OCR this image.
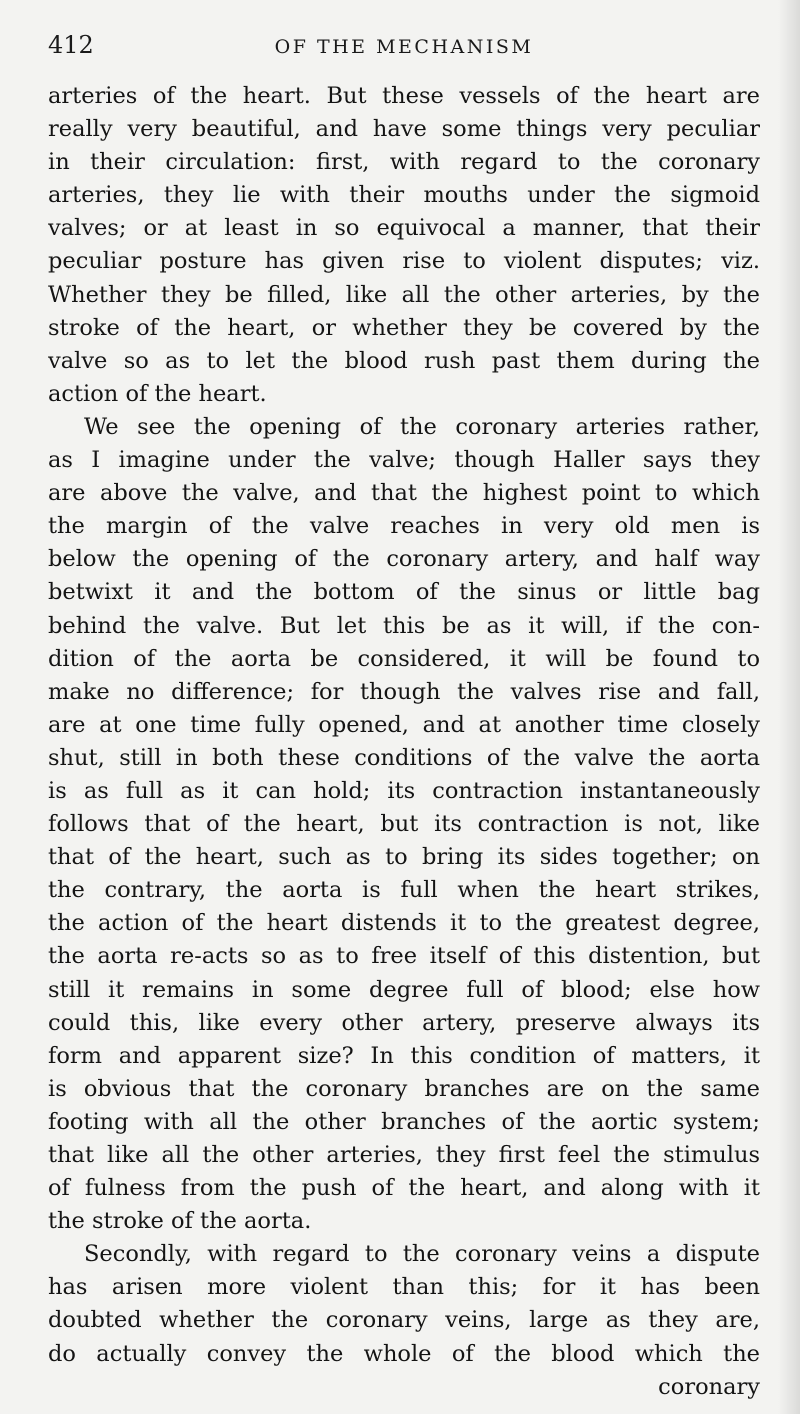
412	OF THE MECHANISM
arteries of the heart. But these vessels of the heart are
really very beautiful, and have some things very peculiar
in their circulation: first, with regard to the coronary
arteries, they lie with their mouths under the sigmoid
valves; or at least in so equivocal a manner, that their
peculiar posture has given rise to violent disputes; viz.
Whether they be filled, like all the other arteries, by the
stroke of the heart, or whether they be covered by the
valve so as to let the blood rush past them during the
action of the heart.
We see the opening of the coronary arteries rather,
as I imagine under the valve; though Haller says they
are above the valve, and that the highest point to which
the margin of the valve reaches in very old men is
below the opening of the coronary artery, and half way
betwixt it and the bottom of the sinus or little bag
behind the valve. But let this be as it will, if the con-
dition of the aorta be considered, it will be found to
make no difference; for though the valves rise and fall,
are at one time fully opened, and at another time closely
shut, still in both these conditions of the valve the aorta
is as full as it can hold; its contraction instantaneously
follows that of the heart, but its contraction is not, like
that of the heart, such as to bring its sides together; on
the contrary, the aorta is full when the heart strikes,
the action of the heart distends it to the greatest degree,
the aorta re-acts so as to free itself of this distention, but
still it remains in some degree full of blood; else how
could this, like every other artery, preserve always its
form and apparent size? In this condition of matters, it
is obvious that the coronary branches are on the same
footing with all the other branches of the aortic system;
that like all the other arteries, they first feel the stimulus
of fulness from the push of the heart, and along with it
the stroke of the aorta.
Secondly, with regard to the coronary veins a dispute
has arisen more violent than this; for it has been
doubted whether the coronary veins, large as they are,
do actually convey the whole of the blood which the
coronary
